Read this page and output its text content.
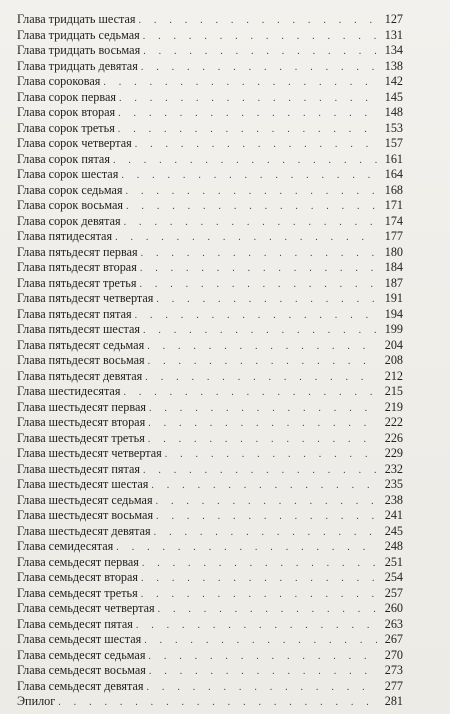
Глава тридцать шестая . . .	127
Глава тридцать седьмая . . .	131
Глава тридцать восьмая . . .	134
Глава тридцать девятая . . .	138
Глава сороковая . . .	142
Глава сорок первая . . .	145
Глава сорок вторая . . .	148
Глава сорок третья . . .	153
Глава сорок четвертая . . .	157
Глава сорок пятая . . .	161
Глава сорок шестая . . .	164
Глава сорок седьмая . . .	168
Глава сорок восьмая . . .	171
Глава сорок девятая . . .	174
Глава пятидесятая . . .	177
Глава пятьдесят первая . . .	180
Глава пятьдесят вторая . . .	184
Глава пятьдесят третья . . .	187
Глава пятьдесят четвертая . . .	191
Глава пятьдесят пятая . . .	194
Глава пятьдесят шестая . . .	199
Глава пятьдесят седьмая . . .	204
Глава пятьдесят восьмая . . .	208
Глава пятьдесят девятая . . .	212
Глава шестидесятая . . .	215
Глава шестьдесят первая . . .	219
Глава шестьдесят вторая . . .	222
Глава шестьдесят третья . . .	226
Глава шестьдесят четвертая . . .	229
Глава шестьдесят пятая . . .	232
Глава шестьдесят шестая . . .	235
Глава шестьдесят седьмая . . .	238
Глава шестьдесят восьмая . . .	241
Глава шестьдесят девятая . . .	245
Глава семидесятая . . .	248
Глава семьдесят первая . . .	251
Глава семьдесят вторая . . .	254
Глава семьдесят третья . . .	257
Глава семьдесят четвертая . . .	260
Глава семьдесят пятая . . .	263
Глава семьдесят шестая . . .	267
Глава семьдесят седьмая . . .	270
Глава семьдесят восьмая . . .	273
Глава семьдесят девятая . . .	277
Эпилог . . .	281
